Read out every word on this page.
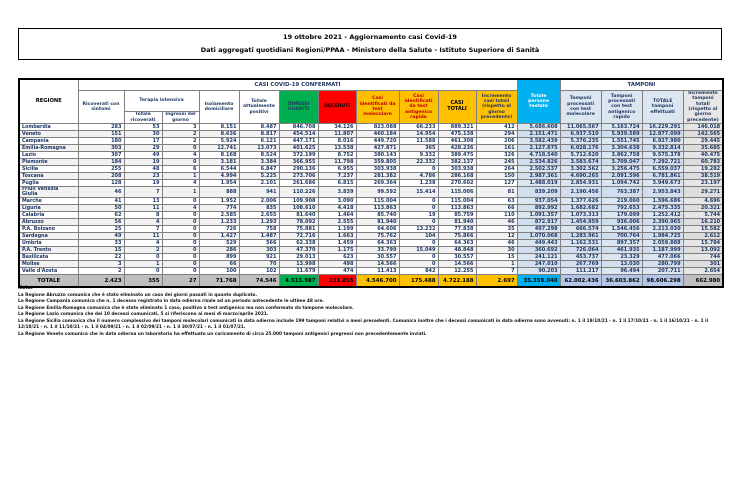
19 ottobre 2021 - Aggiornamento casi Covid-19
Dati aggregati quotidiani Regioni/PPAA - Ministero della Salute - Istituto Superiore di Sanità
REGIONE	CASI COVID-19 CONFERMATI											Totale persone testate	TAMPONI			
	Ricoverati con sintomi	Terapia intensiva		Isolamento domiciliare	Totale attualmente positivi	DIMESSI GUARITI	DECEDUTI	Casi identificati da test molecolare	Casi identificati da test antigenico rapido	CASI TOTALI	Incremento casi totali (rispetto al giorno precedente)		Tamponi processati con test molecolare	Tamponi processati con test antigenico rapido	TOTALE tamponi effettuati	Incremento tamponi totali (rispetto al giorno precedente)
		Totale ricoverati	Ingressi del giorno													
Lombardia	283	53	3	8.151	8.487	846.708	34.126	823.088	66.233	889.321	412	5.686.608	11.065.567	5.163.724	16.229.291	146.018
Veneto	151	30	2	8.636	8.817	454.514	11.807	460.184	14.954	475.138	294	2.151.471	6.937.510	5.939.589	12.877.099	142.565
Campania	180	17	2	5.924	6.121	447.171	8.016	449.720	11.588	461.308	206	3.582.439	5.376.235	1.551.745	6.927.980	29.445
Emilia-Romagna	303	29	0	12.741	13.073	401.625	13.538	427.871	365	428.236	161	2.127.875	6.028.176	3.304.638	9.332.814	35.685
Lazio	307	49	4	8.168	8.524	372.199	8.752	380.143	9.332	389.475	326	4.718.540	5.712.620	3.862.758	9.575.378	40.475
Piemonte	184	19	0	3.181	3.384	366.955	11.798	359.805	22.332	382.137	245	2.534.826	3.583.674	3.709.047	7.292.721	60.783
Sicilia	255	48	6	6.544	6.847	290.136	6.955	303.938	0	303.938	264	2.502.537	3.302.562	3.256.475	6.559.037	19.282
Toscana	208	23	1	4.994	5.225	273.706	7.237	281.382	4.786	286.168	150	2.987.361	4.690.265	2.091.596	6.781.861	38.519
Puglia	128	19	4	1.954	2.101	261.686	6.815	269.364	1.238	270.602	127	1.488.019	2.854.931	1.094.742	3.949.673	23.197
Friuli Venezia Giulia	46	7	1	888	941	110.226	3.839	99.592	15.414	115.006	81	839.209	2.190.456	763.387	2.953.843	29.271
Marche	41	13	0	1.952	2.006	109.908	3.090	115.004	0	115.004	63	937.054	1.377.626	219.060	1.596.686	4.696
Liguria	50	11	4	774	835	108.610	4.418	113.863	0	113.863	66	892.992	1.682.682	792.653	2.475.335	20.321
Calabria	62	8	0	2.585	2.655	81.640	1.464	85.740	19	85.759	110	1.091.357	1.073.313	179.099	1.252.412	5.744
Abruzzo	56	4	0	1.233	1.293	78.092	2.555	81.940	0	81.940	46	872.917	1.454.959	936.006	2.390.965	16.210
P.A. Bolzano	25	7	0	726	758	75.881	1.199	64.606	13.232	77.838	35	497.298	666.574	1.546.456	2.213.030	15.582
Sardegna	49	11	0	1.427	1.487	72.716	1.663	75.762	104	75.866	12	1.070.068	1.283.961	700.764	1.984.725	2.612
Umbria	33	4	0	529	566	62.338	1.459	64.363	0	64.363	46	449.443	1.162.531	897.357	2.059.888	15.784
P.A. Trento	15	2	0	286	303	47.370	1.175	33.799	15.049	48.848	30	360.692	726.064	461.935	1.187.999	13.092
Basilicata	22	0	0	899	921	29.013	623	30.557	0	30.557	15	241.121	453.737	23.329	477.066	744
Molise	3	1	0	66	70	13.998	498	14.566	0	14.566	1	247.010	267.769	13.030	280.799	301
Valle d'Aosta	2	0	0	100	102	11.679	474	11.413	842	12.255	7	90.203	111.217	96.494	207.711	2.654
TOTALE	2.423	355	27	71.768	74.546	4.515.987	131.855	4.546.700	175.488	4.722.188	2.697	35.359.040	62.002.436	36.603.862	98.606.298	662.980
Note:
La Regione Abruzzo comunica che è stato eliminato un caso dei giorni passati in quanto duplicato.
La Regione Campania comunica che n. 1 decesso registrato in data odierna risale ad un periodo antecedente le ultime 48 ore.
La Regione Emilia-Romagna comunica che è stato eliminato 1 caso, positivo a test antigenico ma non confermato da tampone molecolare.
La Regione Lazio comunica che dei 10 decessi comunicati, 5 si riferiscono ai mesi di marzo/aprile 2021.
La Regione Sicilia comunica che il numero complessivo dei tamponi molecolari comunicati in data odierna include 199 tamponi relativi a mesi precedenti. Comunica inoltre che i decessi comunicati in data odierna sono avvenuti: n. 1 il 19/10/21 - n. 1 il 17/10/21 - n. 1 il 16/10/21 - n. 1 il 12/10/21 - n. 1 il 11/10/21 - n. 1 il 04/09/21 - n. 1 il 02/09/21 - n. 1 il 30/07/21 - n. 1 il 01/07/21.
La Regione Veneto comunica che in data odierna un laboratorio ha effettuato un caricamento di circa 25.000 tamponi antigenici pregressi non precedentemente inviati.
